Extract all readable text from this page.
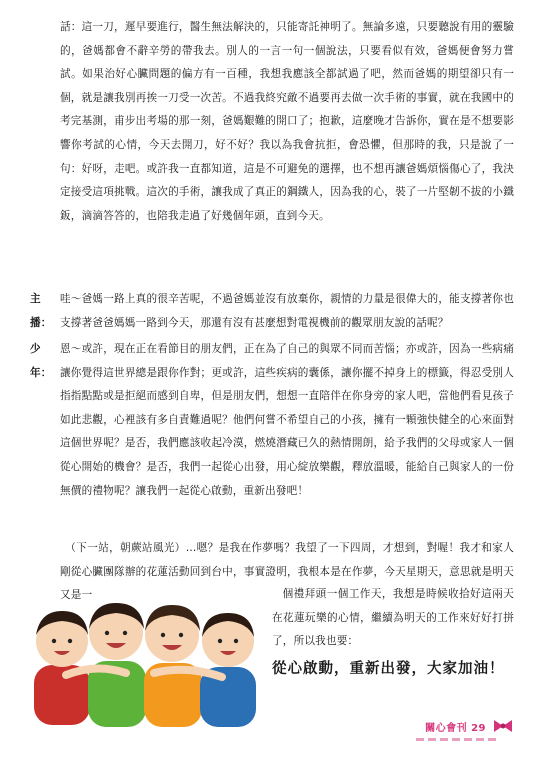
話：這一刀，遲早要進行，醫生無法解決的，只能寄託神明了。無論多遠，只要聽說有用的靈驗的，爸媽都會不辭辛勞的帶我去。別人的一言一句一個說法，只要看似有效，爸媽便會努力嘗試。如果治好心臟問題的偏方有一百種，我想我應該全都試過了吧，然而爸媽的期望卻只有一個，就是讓我別再挨一刀受一次苦。不過我終究敵不過要再去做一次手術的事實，就在我國中的考完基測，甫步出考場的那一刻，爸媽艱難的開口了；抱歉，這麼晚才告訴你，實在是不想要影響你考試的心情，今天去開刀，好不好？我以為我會抗拒，會恐懼，但那時的我，只是說了一句：好呀，走吧。或許我一直都知道，這是不可避免的選擇，也不想再讓爸媽煩惱傷心了，我決定接受這項挑戰。這次的手術，讓我成了真正的鋼鐵人，因為我的心，裝了一片堅韌不拔的小鐵鈑，滴滴答答的，也陪我走過了好幾個年頭，直到今天。

主播：
哇～爸媽一路上真的很辛苦呢，不過爸媽並沒有放棄你，親情的力量是很偉大的，能支撐著你也支撐著爸爸媽媽一路到今天，那還有沒有甚麼想對電視機前的觀眾朋友說的話呢？
少年：
恩～或許，現在正在看節目的朋友們，正在為了自己的與眾不同而苦惱；亦或許，因為一些病痛讓你覺得這世界總是跟你作對；更或許，這些疾病的囊係，讓你擺不掉身上的標籤，得忍受別人指指點點或是拒絕而感到自卑，但是朋友們，想想一直陪伴在你身旁的家人吧，當他們看見孩子如此悲觀，心裡該有多自責難過呢？他們何嘗不希望自己的小孩，擁有一顆強快健全的心來面對這個世界呢？是否，我們應該收起冷漠，燃燒潛藏已久的熱情開朗，給予我們的父母或家人一個從心開始的機會？是否，我們一起從心出發，用心綻放樂觀，釋放溫暖，能給自己與家人的一份無價的禮物呢？讓我們一起從心啟動，重新出發吧！

（下一站，朝蕨站風光）…嗯？是我在作夢嗎？我望了一下四周，才想到，對喔！我才和家人剛從心臟團隊辦的花蓮活動回到台中，事實證明，我根本是在作夢，今天星期天，意思就是明天又是一	個禮拜頭一個工作天，我想是時候收拾好這兩天在花蓮玩樂的心情，繼續為明天的工作來好好打拼了，所以我也要：

從心啟動，重新出發，大家加油！
關心會刊 29
